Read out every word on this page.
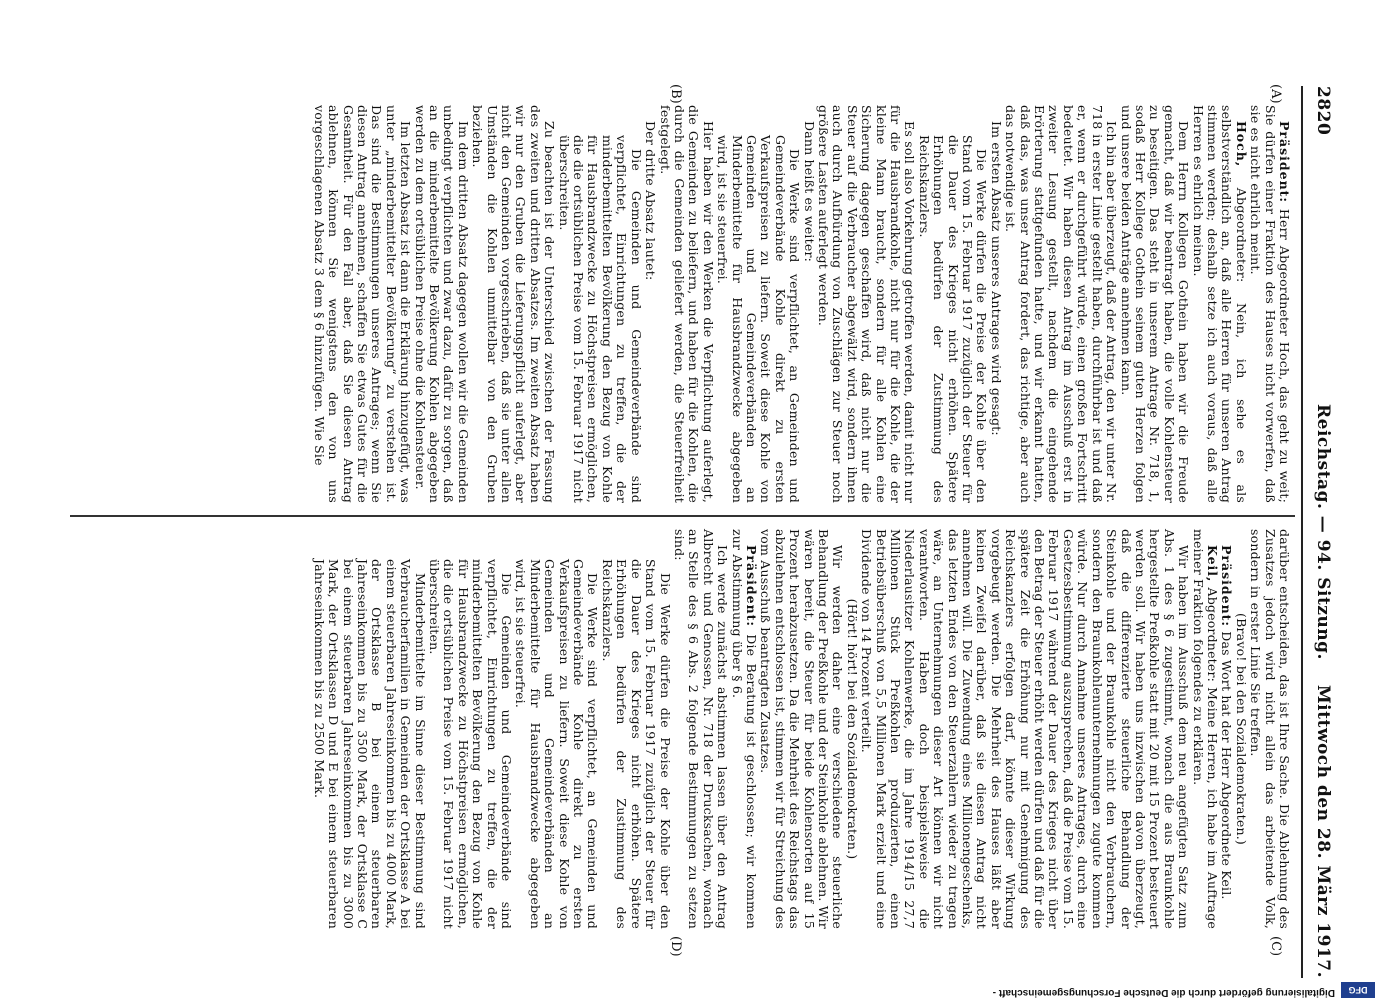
2820
Reichstag. — 94. Sitzung.
Mittwoch den 28. März 1917.
(A)
(B)
(C)
(D)

Präsident: Herr Abgeordneter Hoch, das geht zu weit; Sie dürfen einer Fraktion des Hauses nicht vorwerfen, daß sie es nicht ehrlich meint.

Hoch, Abgeordneter: Nein, ich sehe es als selbstverständlich an, daß alle Herren für unseren Antrag stimmen werden; deshalb setze ich auch voraus, daß alle Herren es ehrlich meinen.

Dem Herrn Kollegen Gothein haben wir die Freude gemacht, daß wir beantragt haben, die volle Kohlensteuer zu beseitigen. Das steht in unserem Antrage Nr. 718, 1, sodaß Herr Kollege Gothein seinem guten Herzen folgen und unsere beiden Anträge annehmen kann.

Ich bin aber überzeugt, daß der Antrag, den wir unter Nr. 718 in erster Linie gestellt haben, durchführbar ist und daß er, wenn er durchgeführt würde, einen großen Fortschritt bedeutet. Wir haben diesen Antrag im Ausschuß erst in zweiter Lesung gestellt, nachdem die eingehende Erörterung stattgefunden hatte, und wir erkannt hatten, daß das, was unser Antrag fordert, das richtige, aber auch das notwendige ist.

Im ersten Absatz unseres Antrages wird gesagt:

Die Werke dürfen die Preise der Kohle über den Stand vom 15. Februar 1917 zuzüglich der Steuer für die Dauer des Krieges nicht erhöhen. Spätere Erhöhungen bedürfen der Zustimmung des Reichskanzlers.

Es soll also Vorkehrung getroffen werden, damit nicht nur für die Hausbrandkohle, nicht nur für die Kohle, die der kleine Mann braucht, sondern für alle Kohlen eine Sicherung dagegen geschaffen wird, daß nicht nur die Steuer auf die Verbraucher abgewälzt wird, sondern ihnen auch durch Aufbürdung von Zuschlägen zur Steuer noch größere Lasten auferlegt werden.

Dann heißt es weiter:

Die Werke sind verpflichtet, an Gemeinden und Gemeindeverbände Kohle direkt zu ersten Verkaufspreisen zu liefern. Soweit diese Kohle von Gemeinden und Gemeindeverbänden an Minderbemittelte für Hausbrandzwecke abgegeben wird, ist sie steuerfrei.

Hier haben wir den Werken die Verpflichtung auferlegt, die Gemeinden zu beliefern, und haben für die Kohlen, die durch die Gemeinden geliefert werden, die Steuerfreiheit festgelegt.

Der dritte Absatz lautet:

Die Gemeinden und Gemeindeverbände sind verpflichtet, Einrichtungen zu treffen, die der minderbemittelten Bevölkerung den Bezug von Kohle für Hausbrandzwecke zu Höchstpreisen ermöglichen, die die ortsüblichen Preise vom 15. Februar 1917 nicht überschreiten.

Zu beachten ist der Unterschied zwischen der Fassung des zweiten und dritten Absatzes. Im zweiten Absatz haben wir nur den Gruben die Lieferungspflicht auferlegt, aber nicht den Gemeinden vorgeschrieben, daß sie unter allen Umständen die Kohlen unmittelbar von den Gruben beziehen.

Im dem dritten Absatz dagegen wollen wir die Gemeinden unbedingt verpflichten und zwar dazu, dafür zu sorgen, daß an die minderbemittelte Bevölkerung Kohlen abgegeben werden zu dem ortsüblichen Preise ohne die Kohlensteuer.

Im letzten Absatz ist dann die Erklärung hinzugefügt, was unter „minderbemittelter Bevölkerung“ zu verstehen ist. Das sind die Bestimmungen unseres Antrages; wenn Sie diesen Antrag annehmen, schaffen Sie etwas Gutes für die Gesamtheit. Für den Fall aber, daß Sie diesen Antrag ablehnen, können Sie wenigstens den von uns vorgeschlagenen Absatz 3 dem § 6 hinzufügen. Wie Sie

darüber entscheiden, das ist Ihre Sache. Die Ablehnung des Zusatzes jedoch wird nicht allein das arbeitende Volk, sondern in erster Linie Sie treffen.

(Bravo! bei den Sozialdemokraten.)

Präsident: Das Wort hat der Herr Abgeordnete Keil.

Keil, Abgeordneter: Meine Herren, ich habe im Auftrage meiner Fraktion folgendes zu erklären.

Wir haben im Ausschuß dem neu angefügten Satz zum Abs. 1 des § 6 zugestimmt, wonach die aus Braunkohle hergestellte Preßkohle statt mit 20 mit 15 Prozent besteuert werden soll. Wir haben uns inzwischen davon überzeugt, daß die differenzierte steuerliche Behandlung der Steinkohle und der Braunkohle nicht den Verbrauchern, sondern den Braunkohlenunternehmungen zugute kommen würde. Nur durch Annahme unseres Antrages, durch eine Gesetzesbestimmung auszusprechen, daß die Preise vom 15. Februar 1917 während der Dauer des Krieges nicht über den Betrag der Steuer erhöht werden dürfen und daß für die spätere Zeit die Erhöhung nur mit Genehmigung des Reichskanzlers erfolgen darf, könnte dieser Wirkung vorgebeugt werden. Die Mehrheit des Hauses läßt aber keinen Zweifel darüber, daß sie diesen Antrag nicht annehmen will. Die Zuwendung eines Millionengeschenks, das letzten Endes von den Steuerzahlern wieder zu tragen wäre, an Unternehmungen dieser Art können wir nicht verantworten. Haben doch beispielsweise die Niederlausitzer Kohlenwerke, die im Jahre 1914/15 27,7 Millionen Stück Preßkohlen produzierten, einen Betriebsüberschuß von 5,5 Millionen Mark erzielt und eine Dividende von 14 Prozent verteilt.

(Hört! hört! bei den Sozialdemokraten.)

Wir werden daher eine verschiedene steuerliche Behandlung der Preßkohle und der Steinkohle ablehnen. Wir wären bereit, die Steuer für beide Kohlensorten auf 15 Prozent herabzusetzen. Da die Mehrheit des Reichstags das abzulehnen entschlossen ist, stimmen wir für Streichung des vom Ausschuß beantragten Zusatzes.

Präsident: Die Beratung ist geschlossen; wir kommen zur Abstimmung über § 6.

Ich werde zunächst abstimmen lassen über den Antrag Albrecht und Genossen, Nr. 718 der Drucksachen, wonach an Stelle des § 6 Abs. 2 folgende Bestimmungen zu setzen sind:

Die Werke dürfen die Preise der Kohle über den Stand vom 15. Februar 1917 zuzüglich der Steuer für die Dauer des Krieges nicht erhöhen. Spätere Erhöhungen bedürfen der Zustimmung des Reichskanzlers.

Die Werke sind verpflichtet, an Gemeinden und Gemeindeverbände Kohle direkt zu ersten Verkaufspreisen zu liefern. Soweit diese Kohle von Gemeinden und Gemeindeverbänden an Minderbemittelte für Hausbrandzwecke abgegeben wird, ist sie steuerfrei.

Die Gemeinden und Gemeindeverbände sind verpflichtet, Einrichtungen zu treffen, die der minderbemittelten Bevölkerung den Bezug von Kohle für Hausbrandzwecke zu Höchstpreisen ermöglichen, die die ortsüblichen Preise vom 15. Februar 1917 nicht überschreiten.

Minderbemittelte im Sinne dieser Bestimmung sind Verbraucherfamilien in Gemeinden der Ortsklasse A bei einem steuerbaren Jahreseinkommen bis zu 4000 Mark, der Ortsklasse B bei einem steuerbaren Jahreseinkommen bis zu 3500 Mark, der Ortsklasse C bei einem steuerbaren Jahreseinkommen bis zu 3000 Mark, der Ortsklassen D und E bei einem steuerbaren Jahreseinkommen bis zu 2500 Mark.

DFG
Digitalisierung gefördert durch die Deutsche Forschungsgemeinschaft -
